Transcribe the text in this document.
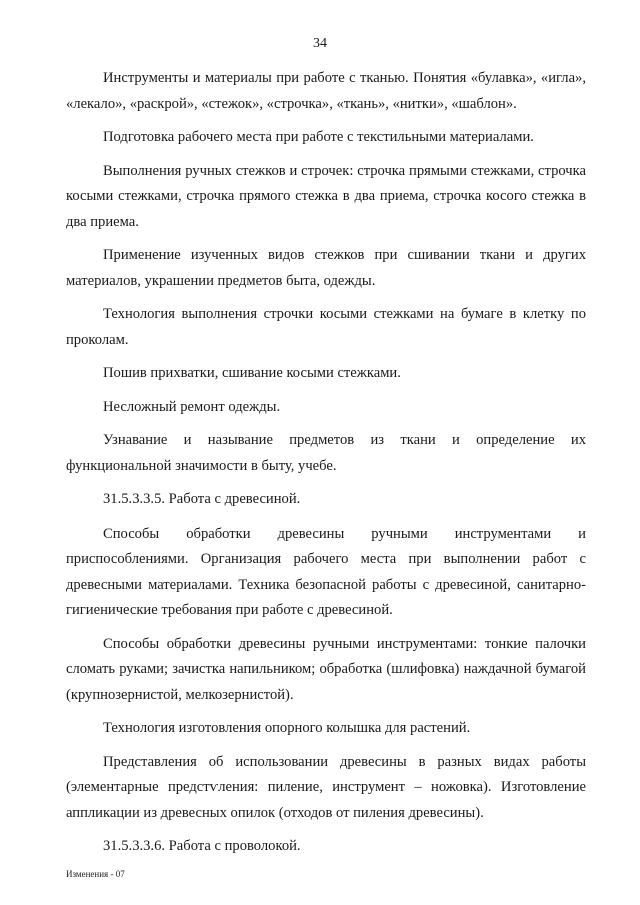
34

Инструменты и материалы при работе с тканью. Понятия «булавка», «игла», «лекало», «раскрой», «стежок», «строчка», «ткань», «нитки», «шаблон».

Подготовка рабочего места при работе с текстильными материалами.

Выполнения ручных стежков и строчек: строчка прямыми стежками, строчка косыми стежками, строчка прямого стежка в два приема, строчка косого стежка в два приема.

Применение изученных видов стежков при сшивании ткани и других материалов, украшении предметов быта, одежды.

Технология выполнения строчки косыми стежками на бумаге в клетку по проколам.

Пошив прихватки, сшивание косыми стежками.

Несложный ремонт одежды.

Узнавание и называние предметов из ткани и определение их функциональной значимости в быту, учебе.

31.5.3.3.5. Работа с древесиной.

Способы обработки древесины ручными инструментами и приспособлениями. Организация рабочего места при выполнении работ с древесными материалами. Техника безопасной работы с древесиной, санитарно-гигиенические требования при работе с древесиной.

Способы обработки древесины ручными инструментами: тонкие палочки сломать руками; зачистка напильником; обработка (шлифовка) наждачной бумагой (крупнозернистой, мелкозернистой).

Технология изготовления опорного колышка для растений.

Представления об использовании древесины в разных видах работы (элементарные предстѵления: пиление, инструмент – ножовка). Изготовление аппликации из древесных опилок (отходов от пиления древесины).

31.5.3.3.6. Работа с проволокой.

Изменения - 07
